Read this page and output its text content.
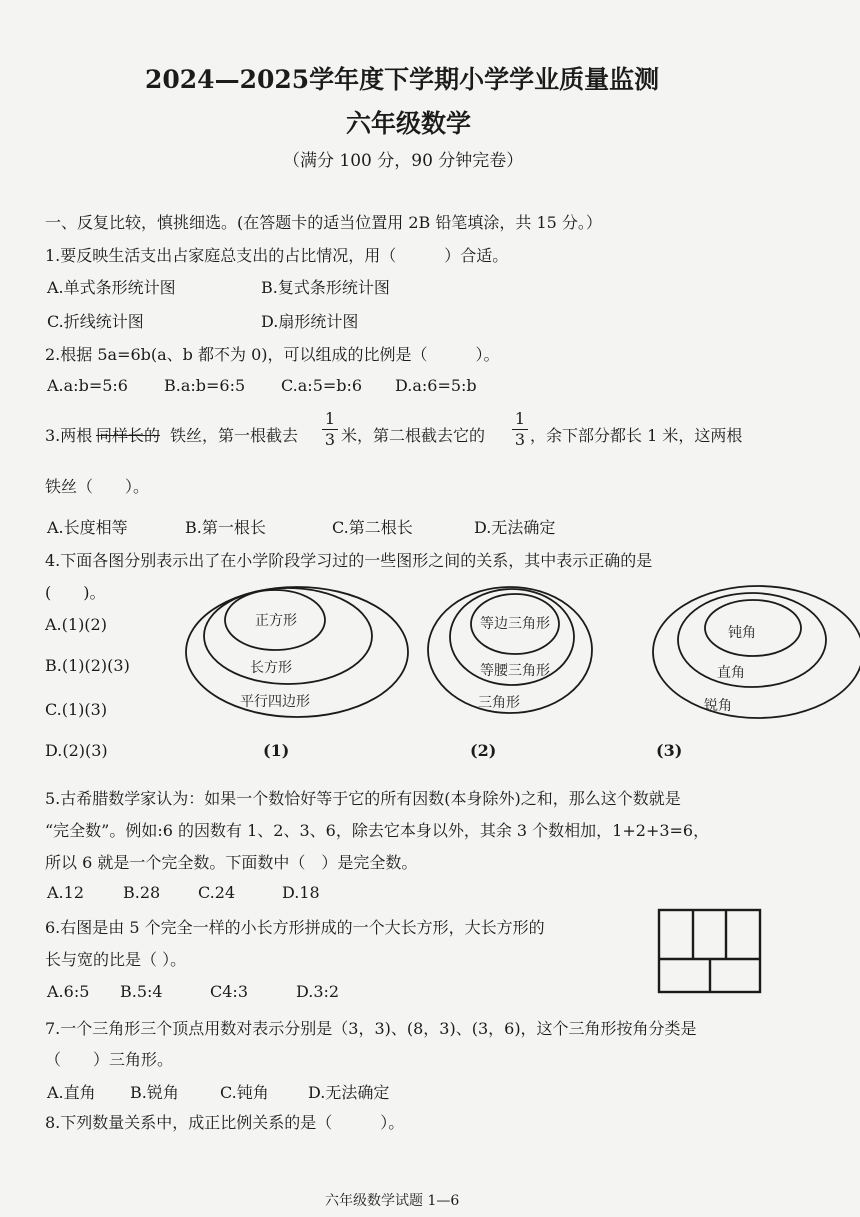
2024—2025学年度下学期小学学业质量监测
六年级数学
（满分 100 分，90 分钟完卷）
一、反复比较，慎挑细选。(在答题卡的适当位置用 2B 铅笔填涂，共 15 分。）
1.要反映生活支出占家庭总支出的占比情况，用（　　　）合适。
A.单式条形统计图	B.复式条形统计图
C.折线统计图	D.扇形统计图
2.根据 5a=6b(a、b 都不为 0)，可以组成的比例是（　　　）。
A.a:b=5:6 B.a:b=6:5 C.a:5=b:6 D.a:6=5:b
3.两根 同样长的 铁丝，第一根截去
1
3 米，第二根截去它的
1
3 ，余下部分都长 1 米，这两根
铁丝（　　）。
A.长度相等	B.第一根长	C.第二根长	D.无法确定
4.下面各图分别表示出了在小学阶段学习过的一些图形之间的关系，其中表示正确的是
(　　)。
A.(1)(2)
B.(1)(2)(3)
C.(1)(3)
D.(2)(3)
正方形
长方形
平行四边形
等边三角形
等腰三角形
三角形
钝角
直角
锐角
(1)	(2)	(3)
5.古希腊数学家认为：如果一个数恰好等于它的所有因数(本身除外)之和，那么这个数就是
“完全数”。例如:6 的因数有 1、2、3、6，除去它本身以外，其余 3 个数相加，1+2+3=6，
所以 6 就是一个完全数。下面数中（　）是完全数。
A.12 B.28 C.24	D.18
6.右图是由 5 个完全一样的小长方形拼成的一个大长方形，大长方形的
长与宽的比是（ ）。
A.6:5 B.5:4	C4:3	D.3:2
7.一个三角形三个顶点用数对表示分别是（3，3)、(8，3)、(3，6)，这个三角形按角分类是
（　　）三角形。
A.直角 B.锐角	C.钝角 D.无法确定
8.下列数量关系中，成正比例关系的是（　　　）。
六年级数学试题 1—6
